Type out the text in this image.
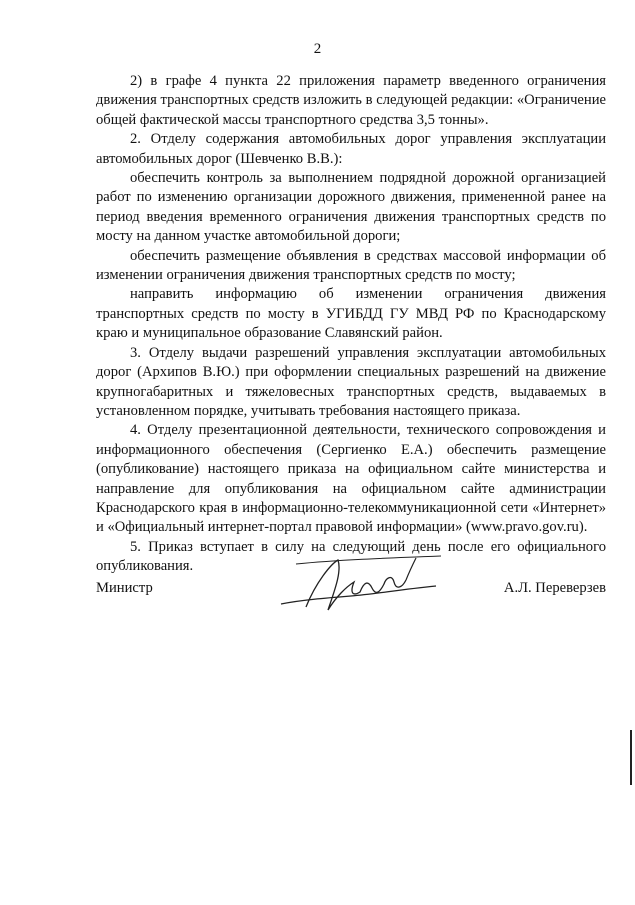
2

2) в графе 4 пункта 22 приложения параметр введенного ограничения движения транспортных средств изложить в следующей редакции: «Ограничение общей фактической массы транспортного средства 3,5 тонны».

2. Отделу содержания автомобильных дорог управления эксплуатации автомобильных дорог (Шевченко В.В.):

обеспечить контроль за выполнением подрядной дорожной организацией работ по изменению организации дорожного движения, примененной ранее на период введения временного ограничения движения транспортных средств по мосту на данном участке автомобильной дороги;

обеспечить размещение объявления в средствах массовой информации об изменении ограничения движения транспортных средств по мосту;

направить информацию об изменении ограничения движения транспортных средств по мосту в УГИБДД ГУ МВД РФ по Краснодарскому краю и муниципальное образование Славянский район.

3. Отделу выдачи разрешений управления эксплуатации автомобильных дорог (Архипов В.Ю.) при оформлении специальных разрешений на движение крупногабаритных и тяжеловесных транспортных средств, выдаваемых в установленном порядке, учитывать требования настоящего приказа.

4. Отделу презентационной деятельности, технического сопровождения и информационного обеспечения (Сергиенко Е.А.) обеспечить размещение (опубликование) настоящего приказа на официальном сайте министерства и направление для опубликования на официальном сайте администрации Краснодарского края в информационно-телекоммуникационной сети «Интернет» и «Официальный интернет-портал правовой информации» (www.pravo.gov.ru).

5. Приказ вступает в силу на следующий день после его официального опубликования.

Министр	А.Л. Переверзев
